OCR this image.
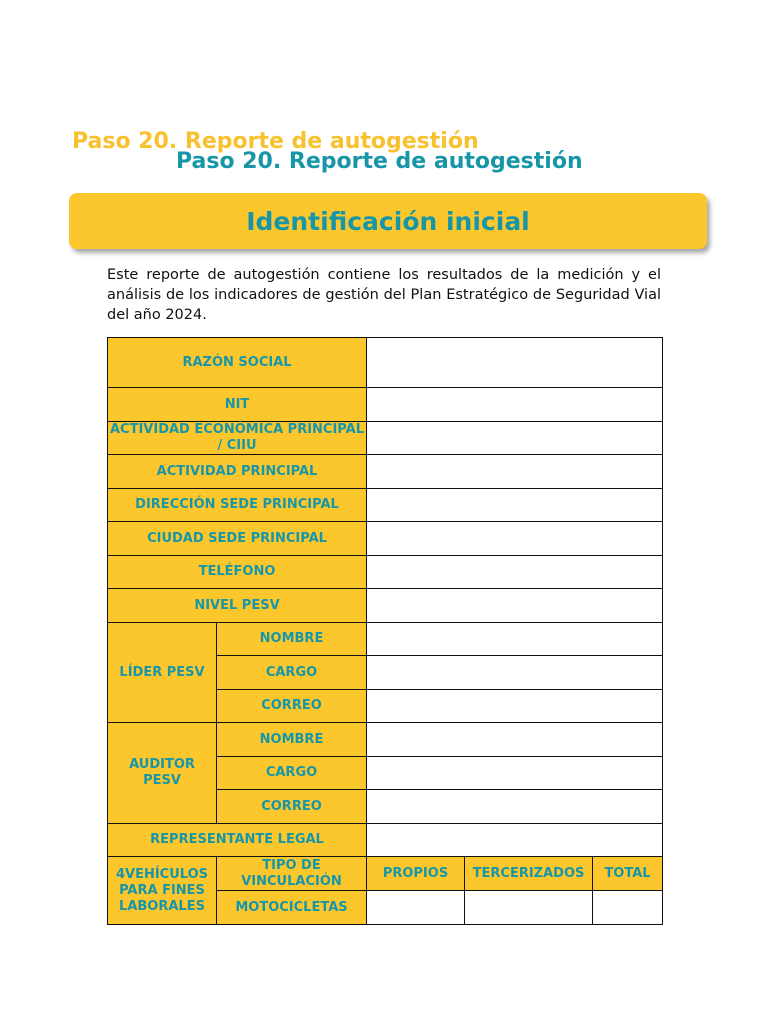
Paso 20. Reporte de autogestión
Paso 20. Reporte de autogestión
Identificación inicial
Este reporte de autogestión contiene los resultados de la medición y el análisis de los indicadores de gestión del Plan Estratégico de Seguridad Vial del año 2024.
RAZÓN SOCIAL				
NIT				
ACTIVIDAD ECONÓMICA PRINCIPAL / CIIU				
ACTIVIDAD PRINCIPAL				
DIRECCIÓN SEDE PRINCIPAL				
CIUDAD SEDE PRINCIPAL				
TELÉFONO				
NIVEL PESV				
LÍDER PESV	NOMBRE			
	CARGO			
	CORREO			
AUDITOR PESV	NOMBRE			
	CARGO			
	CORREO			
REPRESENTANTE LEGAL				
4VEHÍCULOS PARA FINES LABORALES	TIPO DE VINCULACIÓN	PROPIOS	TERCERIZADOS	TOTAL
	MOTOCICLETAS			
